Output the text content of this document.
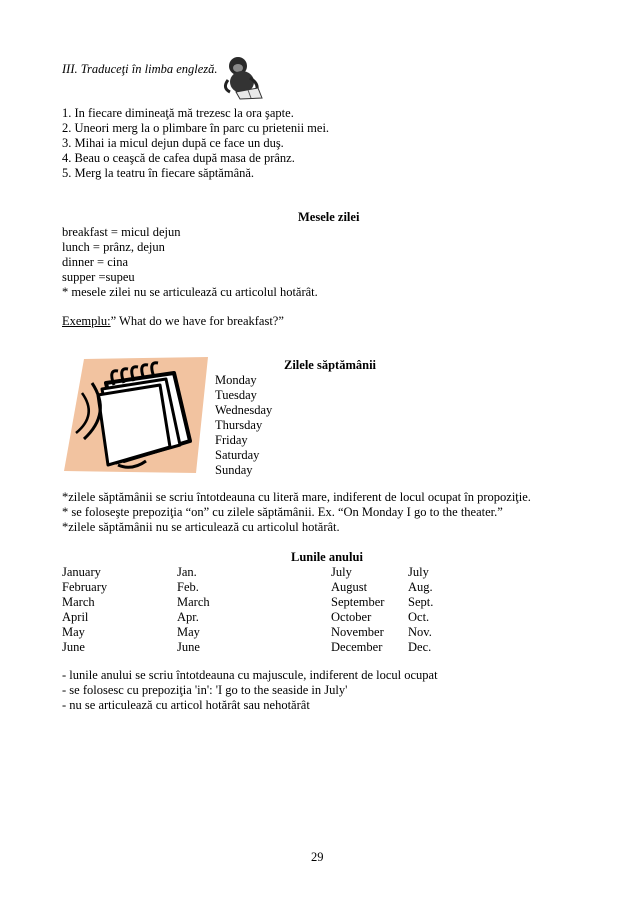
III. Traduceţi în limba engleză.
1. In fiecare dimineaţă mă trezesc la ora şapte.
2. Uneori merg la o plimbare în parc cu prietenii mei.
3. Mihai ia micul dejun după ce face un duş.
4. Beau o ceaşcă de cafea după masa de prânz.
5. Merg la teatru în fiecare săptămână.
Mesele zilei
breakfast = micul dejun
lunch = prânz, dejun
dinner = cina
supper =supeu
* mesele zilei nu se articulează cu articolul hotărât.
Exemplu:” What do we have for breakfast?”
Zilele săptămânii
Monday
Tuesday
Wednesday
Thursday
Friday
Saturday
Sunday
*zilele săptămânii se scriu întotdeauna cu literă mare, indiferent de locul ocupat în propoziţie.
* se foloseşte prepoziţia “on” cu zilele săptămânii. Ex. “On Monday I go to the theater.”
*zilele săptămânii nu se articulează cu articolul hotărât.
Lunile anului
January
February
March
April
May
June
Jan.
Feb.
March
Apr.
May
June
July
August
September
October
November
December
July
Aug.
Sept.
Oct.
Nov.
Dec.
- lunile anului se scriu întotdeauna cu majuscule, indiferent de locul ocupat
- se folosesc cu prepoziţia 'in': 'I go to the seaside in July'
- nu se articulează cu articol hotărât sau nehotărât
29
